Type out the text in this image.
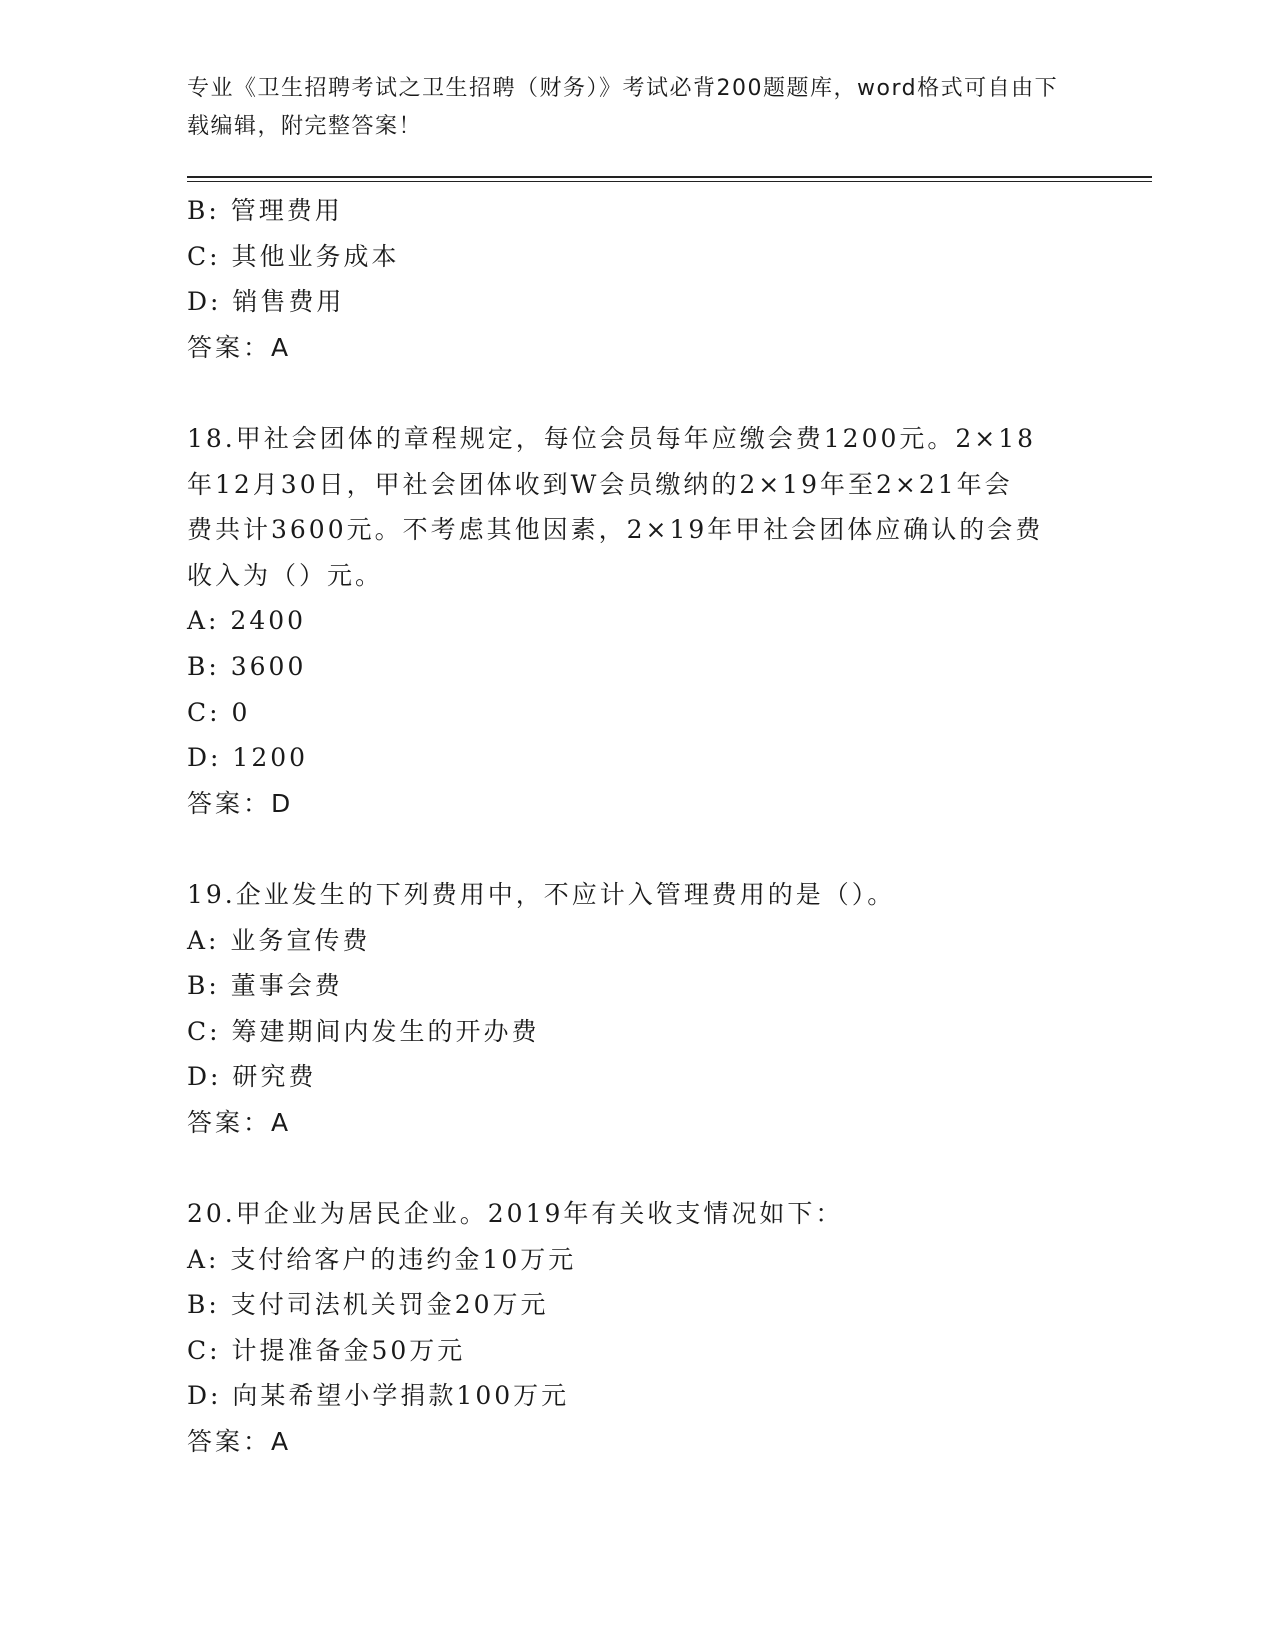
专业《卫生招聘考试之卫生招聘（财务）》考试必背200题题库，word格式可自由下载编辑，附完整答案！
B: 管理费用
C: 其他业务成本
D: 销售费用
答案：A
18.甲社会团体的章程规定，每位会员每年应缴会费1200元。2×18
年12月30日，甲社会团体收到W会员缴纳的2×19年至2×21年会
费共计3600元。不考虑其他因素，2×19年甲社会团体应确认的会费
收入为（）元。
A: 2400
B: 3600
C: 0
D: 1200
答案：D
19.企业发生的下列费用中，不应计入管理费用的是（）。
A: 业务宣传费
B: 董事会费
C: 筹建期间内发生的开办费
D: 研究费
答案：A
20.甲企业为居民企业。2019年有关收支情况如下：
A: 支付给客户的违约金10万元
B: 支付司法机关罚金20万元
C: 计提准备金50万元
D: 向某希望小学捐款100万元
答案：A
